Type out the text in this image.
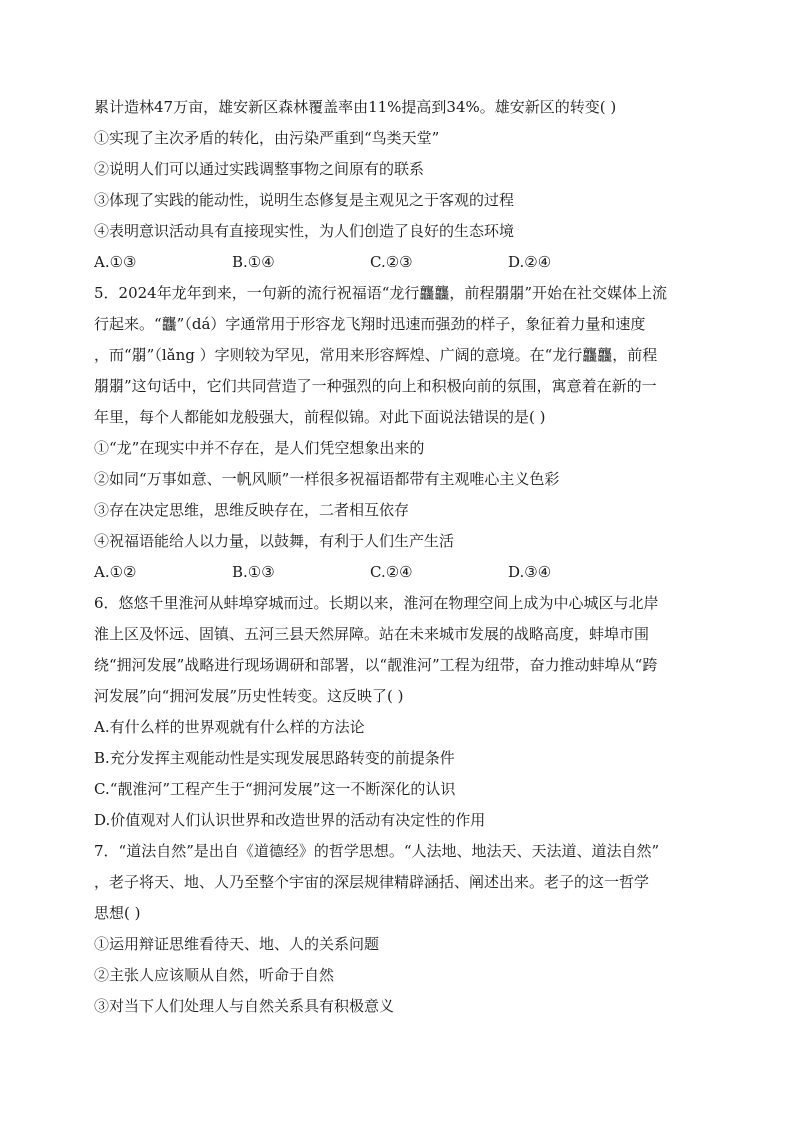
累计造林47万亩，雄安新区森林覆盖率由11%提高到34%。雄安新区的转变( )
①实现了主次矛盾的转化，由污染严重到“鸟类天堂”
②说明人们可以通过实践调整事物之间原有的联系
③体现了实践的能动性，说明生态修复是主观见之于客观的过程
④表明意识活动具有直接现实性，为人们创造了良好的生态环境
A.①③	B.①④	C.②③	D.②④
5．2024年龙年到来，一句新的流行祝福语“龙行龘龘，前程朤朤”开始在社交媒体上流
行起来。“龘”（dá）字通常用于形容龙飞翔时迅速而强劲的样子，象征着力量和速度
，而“朤”（lǎng ）字则较为罕见，常用来形容辉煌、广阔的意境。在“龙行龘龘，前程
朤朤”这句话中，它们共同营造了一种强烈的向上和积极向前的氛围，寓意着在新的一
年里，每个人都能如龙般强大，前程似锦。对此下面说法错误的是( )
①“龙”在现实中并不存在，是人们凭空想象出来的
②如同“万事如意、一帆风顺”一样很多祝福语都带有主观唯心主义色彩
③存在决定思维，思维反映存在，二者相互依存
④祝福语能给人以力量，以鼓舞，有利于人们生产生活
A.①②	B.①③	C.②④	D.③④
6．悠悠千里淮河从蚌埠穿城而过。长期以来，淮河在物理空间上成为中心城区与北岸
淮上区及怀远、固镇、五河三县天然屏障。站在未来城市发展的战略高度，蚌埠市围
绕“拥河发展”战略进行现场调研和部署，以“靓淮河”工程为纽带，奋力推动蚌埠从“跨
河发展”向“拥河发展”历史性转变。这反映了( )
A.有什么样的世界观就有什么样的方法论
B.充分发挥主观能动性是实现发展思路转变的前提条件
C.“靓淮河”工程产生于“拥河发展”这一不断深化的认识
D.价值观对人们认识世界和改造世界的活动有决定性的作用
7．“道法自然”是出自《道德经》的哲学思想。“人法地、地法天、天法道、道法自然”
，老子将天、地、人乃至整个宇宙的深层规律精辟涵括、阐述出来。老子的这一哲学
思想( )
①运用辩证思维看待天、地、人的关系问题
②主张人应该顺从自然，听命于自然
③对当下人们处理人与自然关系具有积极意义
